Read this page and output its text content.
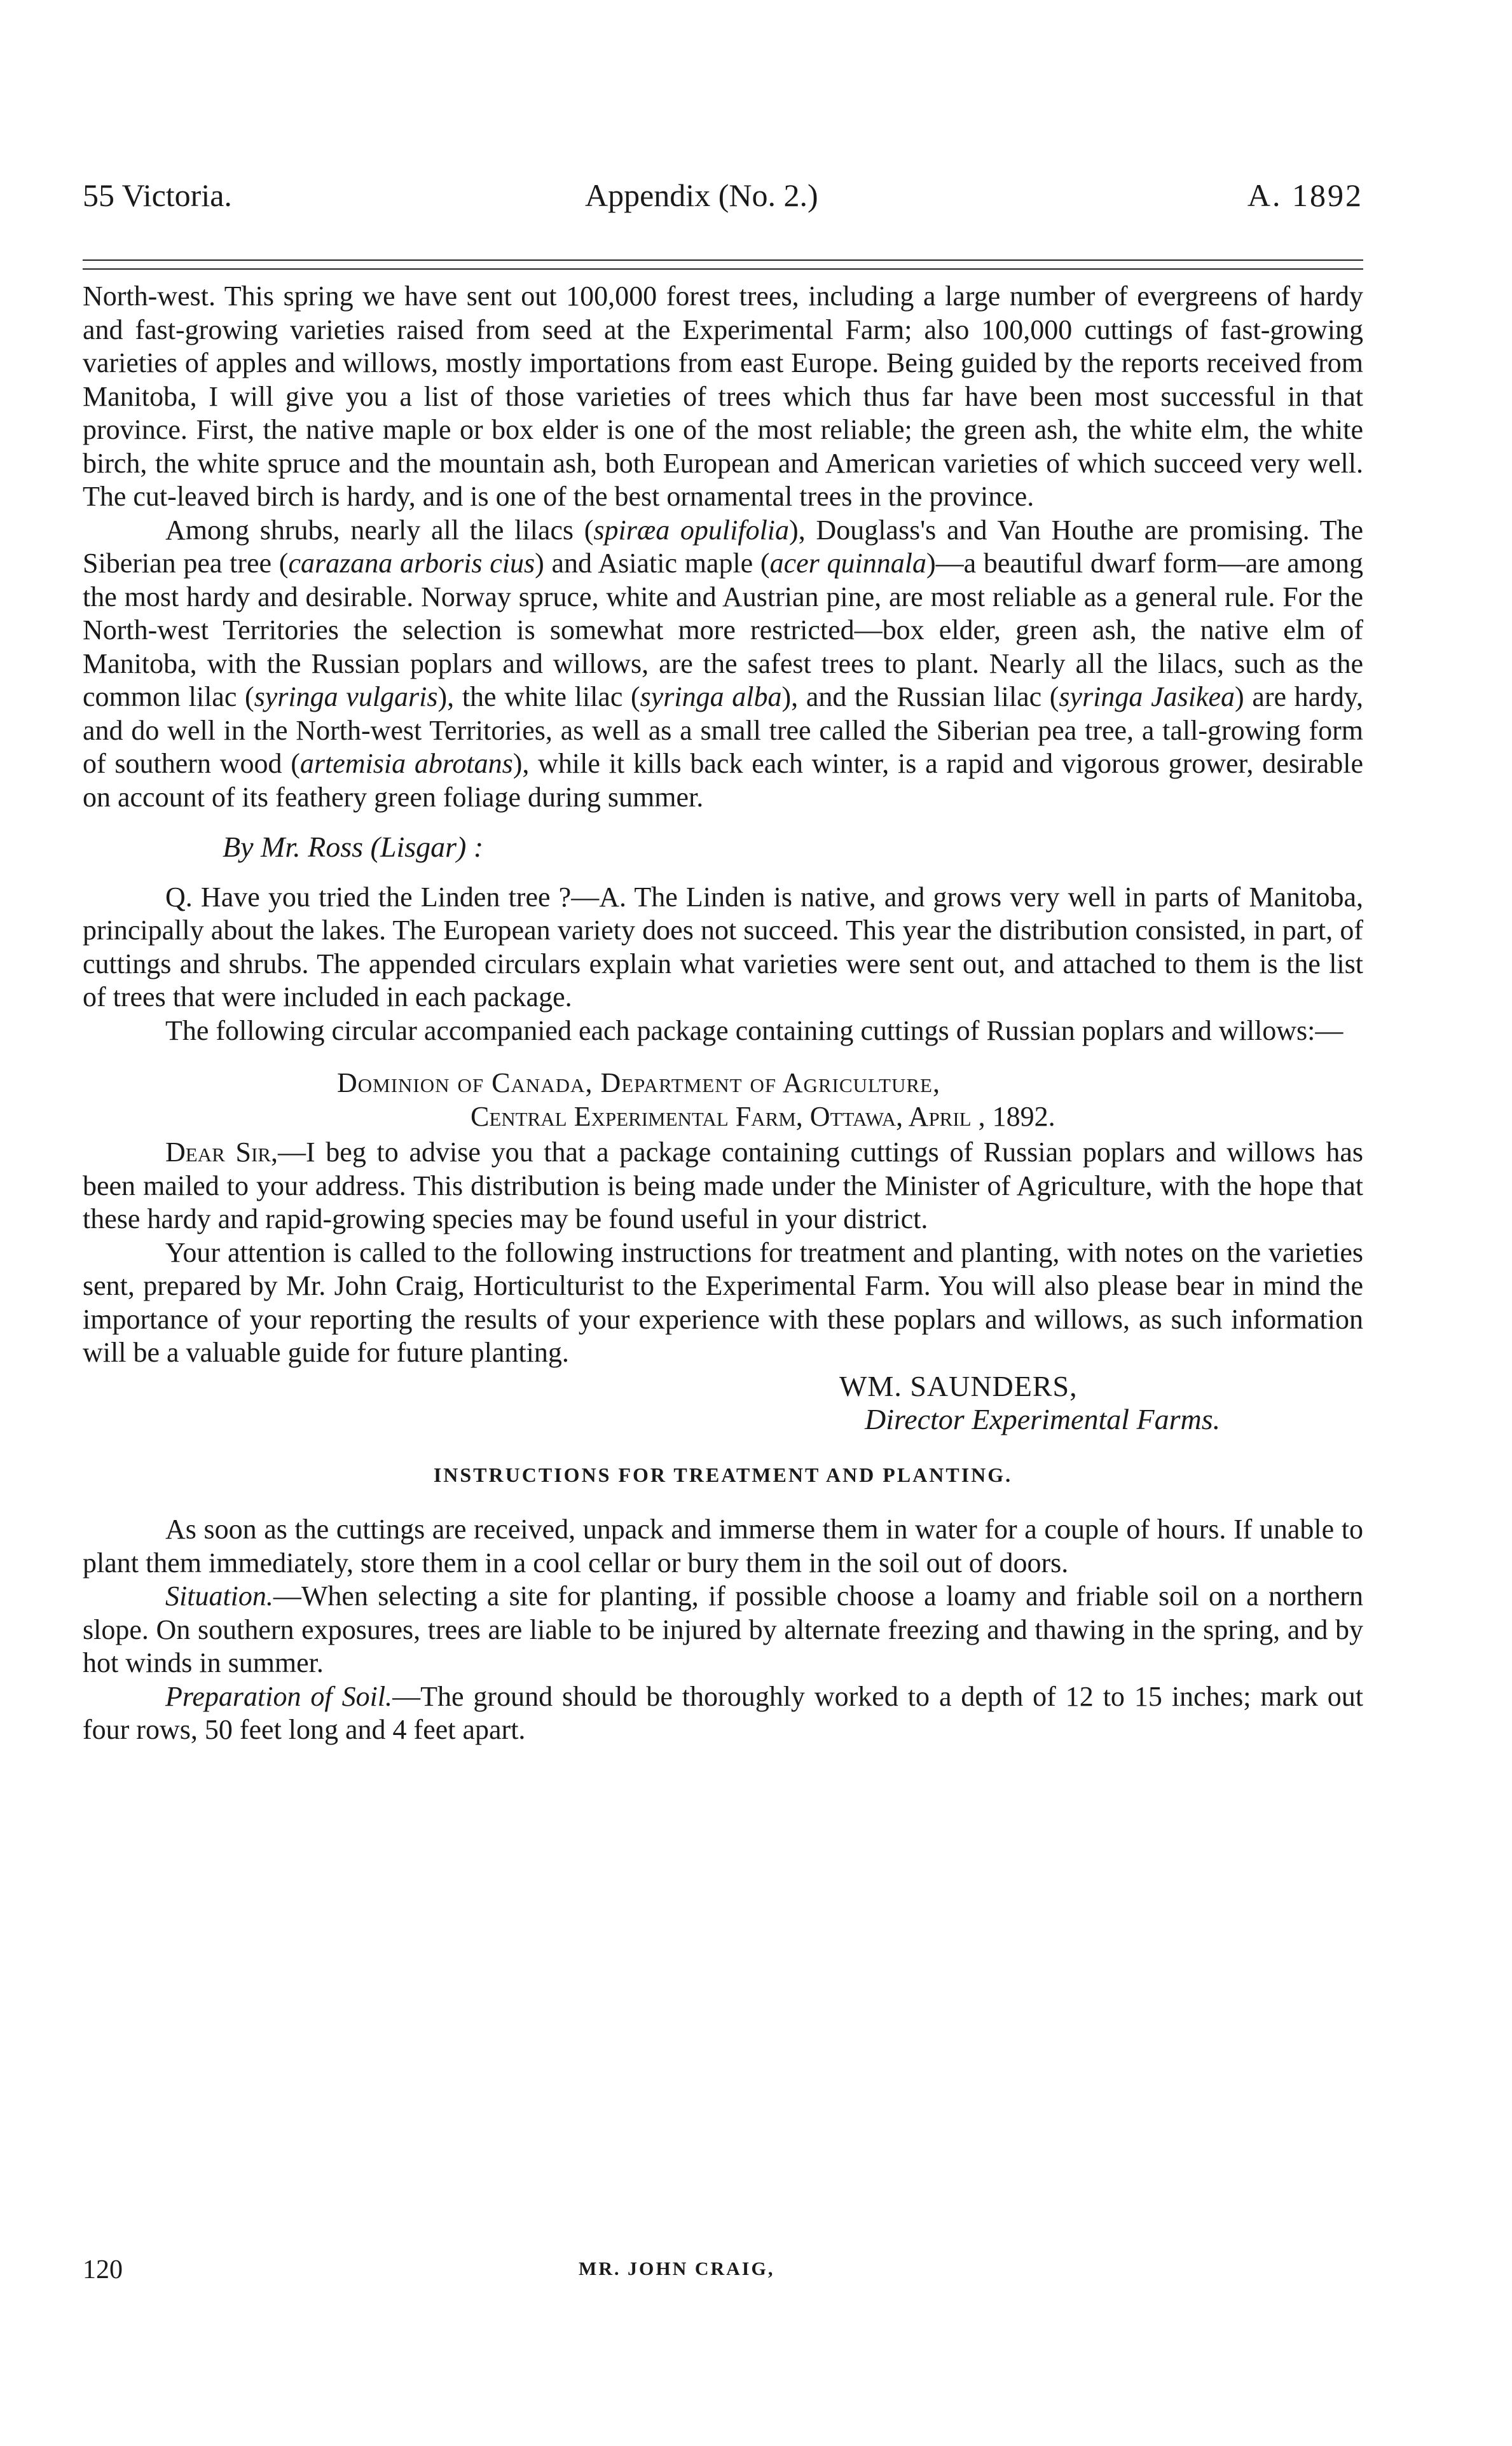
55 Victoria.	Appendix (No. 2.)	A. 1892

North-west. This spring we have sent out 100,000 forest trees, including a large number of evergreens of hardy and fast-growing varieties raised from seed at the Experimental Farm; also 100,000 cuttings of fast-growing varieties of apples and willows, mostly importations from east Europe. Being guided by the reports received from Manitoba, I will give you a list of those varieties of trees which thus far have been most successful in that province. First, the native maple or box elder is one of the most reliable; the green ash, the white elm, the white birch, the white spruce and the mountain ash, both European and American varieties of which succeed very well. The cut-leaved birch is hardy, and is one of the best ornamental trees in the province.

Among shrubs, nearly all the lilacs (spiræa opulifolia), Douglass's and Van Houthe are promising. The Siberian pea tree (carazana arboris cius) and Asiatic maple (acer quinnala)—a beautiful dwarf form—are among the most hardy and desirable. Norway spruce, white and Austrian pine, are most reliable as a general rule. For the North-west Territories the selection is somewhat more restricted—box elder, green ash, the native elm of Manitoba, with the Russian poplars and willows, are the safest trees to plant. Nearly all the lilacs, such as the common lilac (syringa vulgaris), the white lilac (syringa alba), and the Russian lilac (syringa Jasikea) are hardy, and do well in the North-west Territories, as well as a small tree called the Siberian pea tree, a tall-growing form of southern wood (artemisia abrotans), while it kills back each winter, is a rapid and vigorous grower, desirable on account of its feathery green foliage during summer.

By Mr. Ross (Lisgar) :

Q. Have you tried the Linden tree ?—A. The Linden is native, and grows very well in parts of Manitoba, principally about the lakes. The European variety does not succeed. This year the distribution consisted, in part, of cuttings and shrubs. The appended circulars explain what varieties were sent out, and attached to them is the list of trees that were included in each package.

The following circular accompanied each package containing cuttings of Russian poplars and willows:—

Dominion of Canada, Department of Agriculture,

Central Experimental Farm, Ottawa, April , 1892.

Dear Sir,—I beg to advise you that a package containing cuttings of Russian poplars and willows has been mailed to your address. This distribution is being made under the Minister of Agriculture, with the hope that these hardy and rapid-growing species may be found useful in your district.

Your attention is called to the following instructions for treatment and planting, with notes on the varieties sent, prepared by Mr. John Craig, Horticulturist to the Experimental Farm. You will also please bear in mind the importance of your reporting the results of your experience with these poplars and willows, as such information will be a valuable guide for future planting.

WM. SAUNDERS,

Director Experimental Farms.

INSTRUCTIONS FOR TREATMENT AND PLANTING.

As soon as the cuttings are received, unpack and immerse them in water for a couple of hours. If unable to plant them immediately, store them in a cool cellar or bury them in the soil out of doors.

Situation.—When selecting a site for planting, if possible choose a loamy and friable soil on a northern slope. On southern exposures, trees are liable to be injured by alternate freezing and thawing in the spring, and by hot winds in summer.

Preparation of Soil.—The ground should be thoroughly worked to a depth of 12 to 15 inches; mark out four rows, 50 feet long and 4 feet apart.

120	MR. JOHN CRAIG,
